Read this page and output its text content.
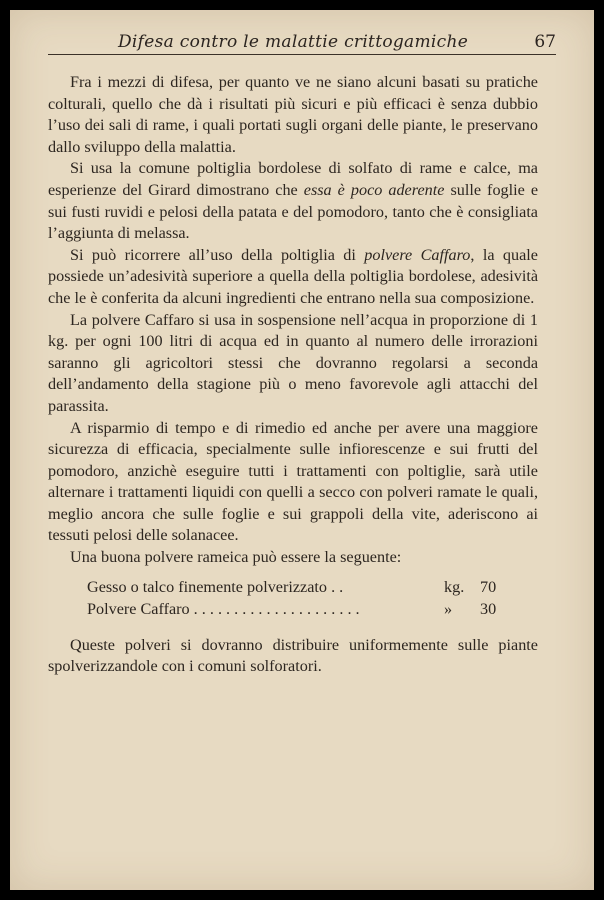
Difesa contro le malattie crittogamiche	67

Fra i mezzi di difesa, per quanto ve ne siano alcuni basati su pratiche colturali, quello che dà i risultati più sicuri e più efficaci è senza dubbio l’uso dei sali di rame, i quali portati sugli organi delle piante, le preservano dallo sviluppo della malattia.

Si usa la comune poltiglia bordolese di solfato di rame e calce, ma esperienze del Girard dimostrano che essa è poco aderente sulle foglie e sui fusti ruvidi e pelosi della patata e del pomodoro, tanto che è consigliata l’aggiunta di melassa.

Si può ricorrere all’uso della poltiglia di polvere Caffaro, la quale possiede un’adesività superiore a quella della poltiglia bordolese, adesività che le è conferita da alcuni ingredienti che entrano nella sua composizione.

La polvere Caffaro si usa in sospensione nell’acqua in proporzione di 1 kg. per ogni 100 litri di acqua ed in quanto al numero delle irrorazioni saranno gli agricoltori stessi che dovranno regolarsi a seconda dell’andamento della stagione più o meno favorevole agli attacchi del parassita.

A risparmio di tempo e di rimedio ed anche per avere una maggiore sicurezza di efficacia, specialmente sulle infiorescenze e sui frutti del pomodoro, anzichè eseguire tutti i trattamenti con poltiglie, sarà utile alternare i trattamenti liquidi con quelli a secco con polveri ramate le quali, meglio ancora che sulle foglie e sui grappoli della vite, aderiscono ai tessuti pelosi delle solanacee.

Una buona polvere rameica può essere la seguente:

Gesso o talco finemente polverizzato . .	kg. 70
Polvere Caffaro . . . . . . . . . . . . . . . . . . . . .	» 30

Queste polveri si dovranno distribuire uniformemente sulle piante spolverizzandole con i comuni solforatori.
